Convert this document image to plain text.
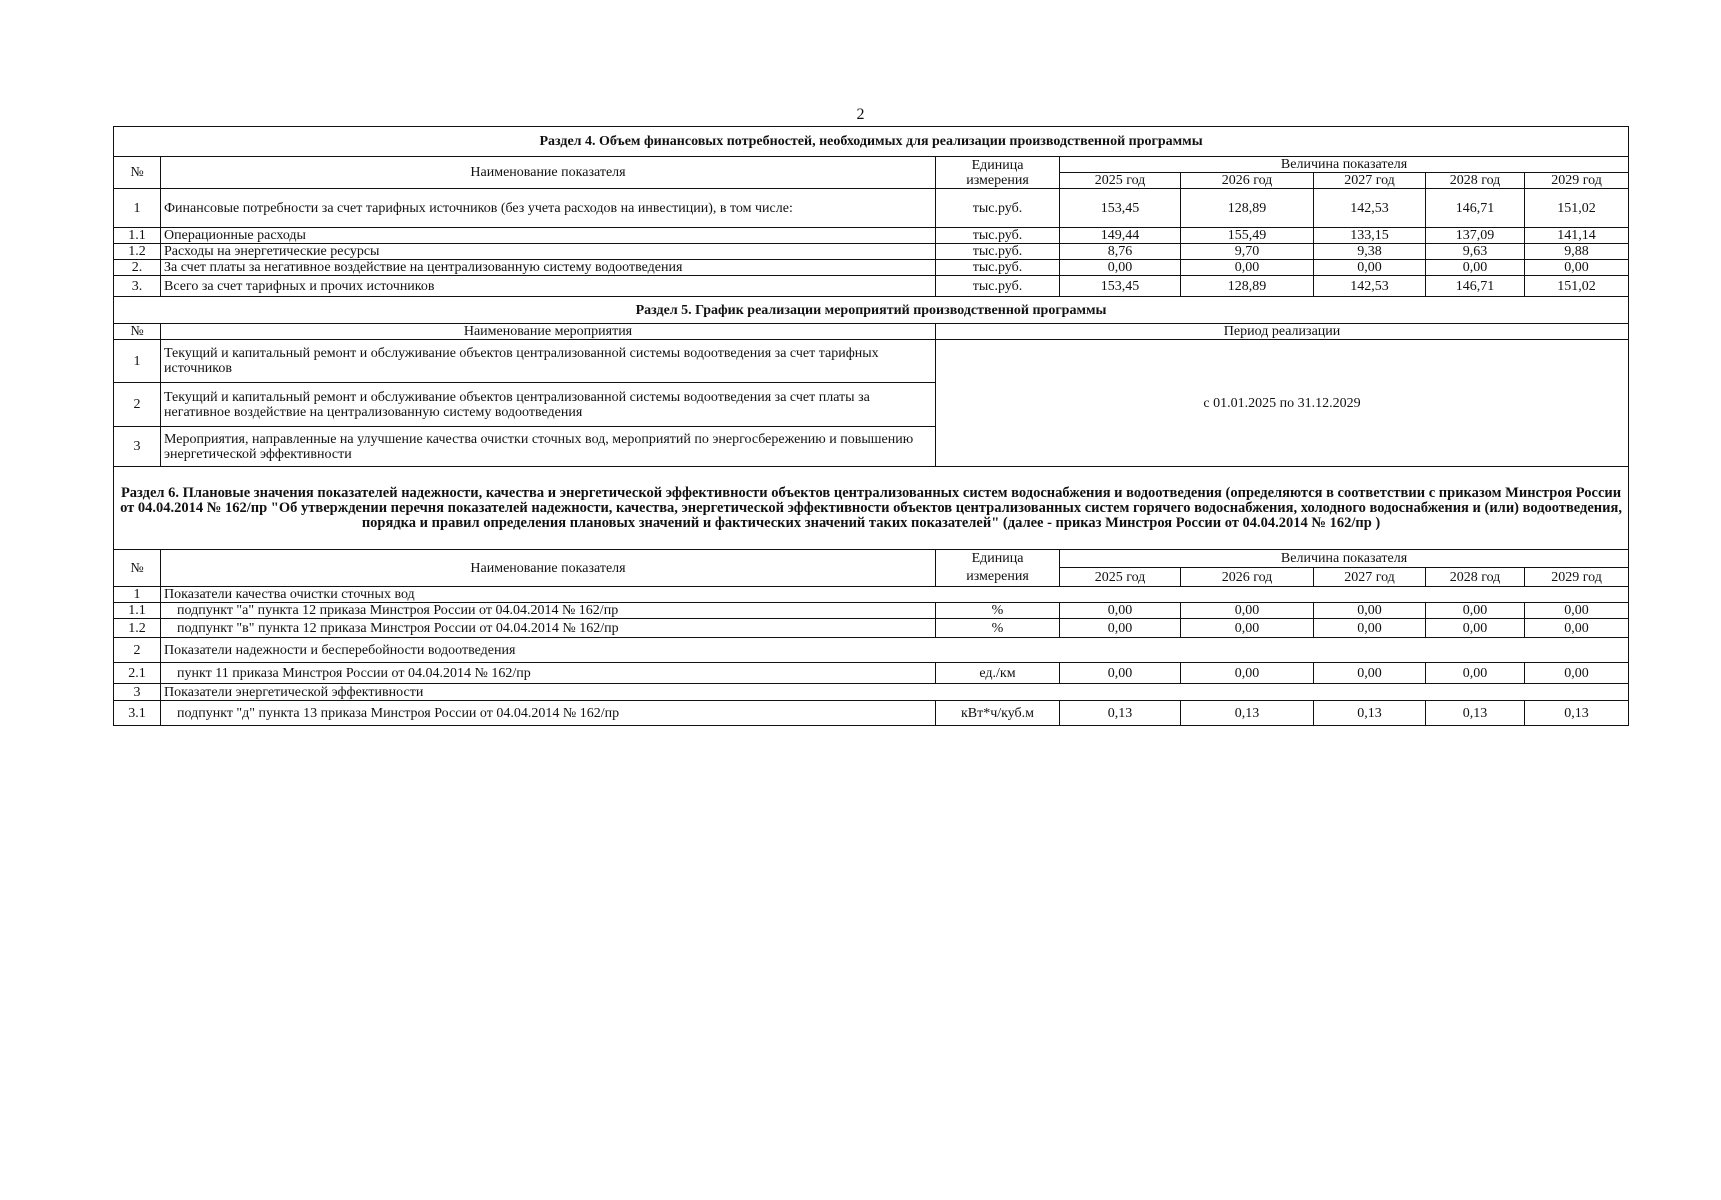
2
Раздел 4. Объем финансовых потребностей, необходимых для реализации производственной программы							
№	Наименование показателя	Единица измерения	Величина показателя				
			2025 год	2026 год	2027 год	2028 год	2029 год
1	Финансовые потребности за счет тарифных источников (без учета расходов на инвестиции), в том числе:	тыс.руб.	153,45	128,89	142,53	146,71	151,02
1.1	Операционные расходы	тыс.руб.	149,44	155,49	133,15	137,09	141,14
1.2	Расходы на энергетические ресурсы	тыс.руб.	8,76	9,70	9,38	9,63	9,88
2.	За счет платы за негативное воздействие на централизованную систему водоотведения	тыс.руб.	0,00	0,00	0,00	0,00	0,00
3.	Всего за счет тарифных и прочих источников	тыс.руб.	153,45	128,89	142,53	146,71	151,02
Раздел 5. График реализации мероприятий производственной программы							
№	Наименование мероприятия	Период реализации					
1	Текущий и капитальный ремонт и обслуживание объектов централизованной системы водоотведения за счет тарифных источников	с 01.01.2025 по 31.12.2029					
2	Текущий и капитальный ремонт и обслуживание объектов централизованной системы водоотведения за счет платы за негативное воздействие на централизованную систему водоотведения						
3	Мероприятия, направленные на улучшение качества очистки сточных вод, мероприятий по энергосбережению и повышению энергетической эффективности						
Раздел 6. Плановые значения показателей надежности, качества и энергетической эффективности объектов централизованных систем водоснабжения и водоотведения (определяются в соответствии с приказом Минстроя России от 04.04.2014 № 162/пр "Об утверждении перечня показателей надежности, качества, энергетической эффективности объектов централизованных систем горячего водоснабжения, холодного водоснабжения и (или) водоотведения, порядка и правил определения плановых значений и фактических значений таких показателей" (далее - приказ Минстроя России от 04.04.2014 № 162/пр )							
№	Наименование показателя	Единица	Величина показателя				
		измерения	2025 год	2026 год	2027 год	2028 год	2029 год
1	Показатели качества очистки сточных вод						
1.1	подпункт "а" пункта 12 приказа Минстроя России от 04.04.2014 № 162/пр	%	0,00	0,00	0,00	0,00	0,00
1.2	подпункт "в" пункта 12 приказа Минстроя России от 04.04.2014 № 162/пр	%	0,00	0,00	0,00	0,00	0,00
2	Показатели надежности и бесперебойности водоотведения						
2.1	пункт 11 приказа Минстроя России от 04.04.2014 № 162/пр	ед./км	0,00	0,00	0,00	0,00	0,00
3	Показатели энергетической эффективности						
3.1	подпункт "д" пункта 13 приказа Минстроя России от 04.04.2014 № 162/пр	кВт*ч/куб.м	0,13	0,13	0,13	0,13	0,13
